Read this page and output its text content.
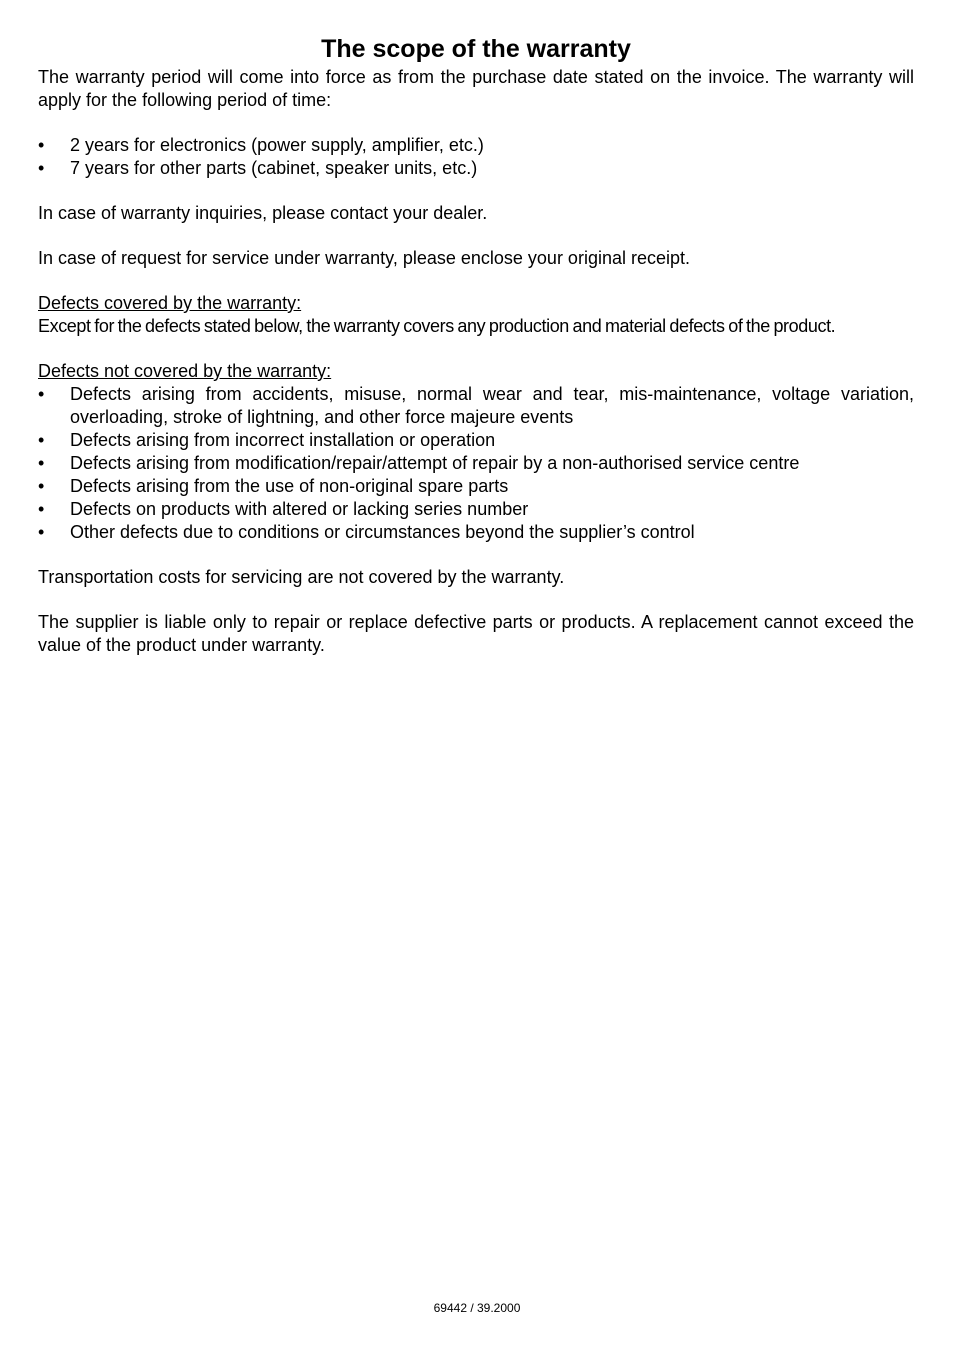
The scope of the warranty

The warranty period will come into force as from the purchase date stated on the invoice. The warranty will apply for the following period of time:

• 2 years for electronics (power supply, amplifier, etc.)
• 7 years for other parts (cabinet, speaker units, etc.)

In case of warranty inquiries, please contact your dealer.

In case of request for service under warranty, please enclose your original receipt.

Defects covered by the warranty:

Except for the defects stated below, the warranty covers any production and material defects of the product.

Defects not covered by the warranty:

• Defects arising from accidents, misuse, normal wear and tear, mis-maintenance, voltage variation, overloading, stroke of lightning, and other force majeure events
• Defects arising from incorrect installation or operation
• Defects arising from modification/repair/attempt of repair by a non-authorised service centre
• Defects arising from the use of non-original spare parts
• Defects on products with altered or lacking series number
• Other defects due to conditions or circumstances beyond the supplier’s control

Transportation costs for servicing are not covered by the warranty.

The supplier is liable only to repair or replace defective parts or products. A replacement cannot exceed the value of the product under warranty.

69442 / 39.2000
